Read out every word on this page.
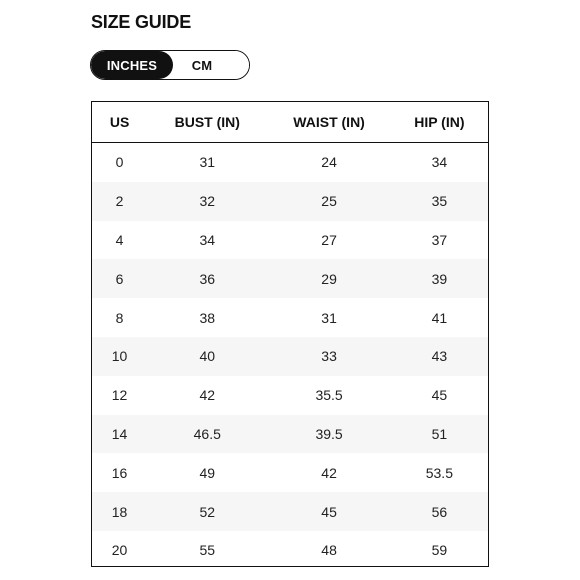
SIZE GUIDE
INCHES	CM
US	BUST (IN)	WAIST (IN)	HIP (IN)
0	31	24	34
2	32	25	35
4	34	27	37
6	36	29	39
8	38	31	41
10	40	33	43
12	42	35.5	45
14	46.5	39.5	51
16	49	42	53.5
18	52	45	56
20	55	48	59
